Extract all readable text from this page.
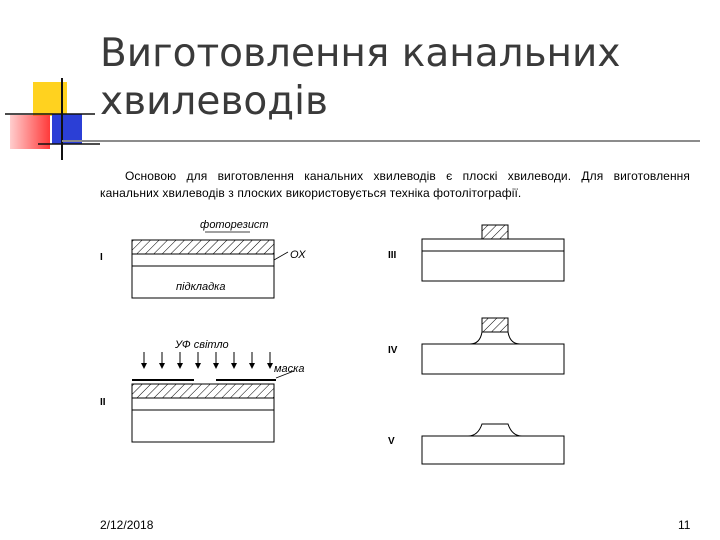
Виготовлення канальних
хвилеводів

Основою для виготовлення канальних хвилеводів є плоскі хвилеводи. Для виготовлення канальних хвилеводів з плоских використовується техніка фотолітографії.

I
фоторезист
ОХ
підкладка
УФ світло
маска
II
III
IV
V
2/12/2018	11
